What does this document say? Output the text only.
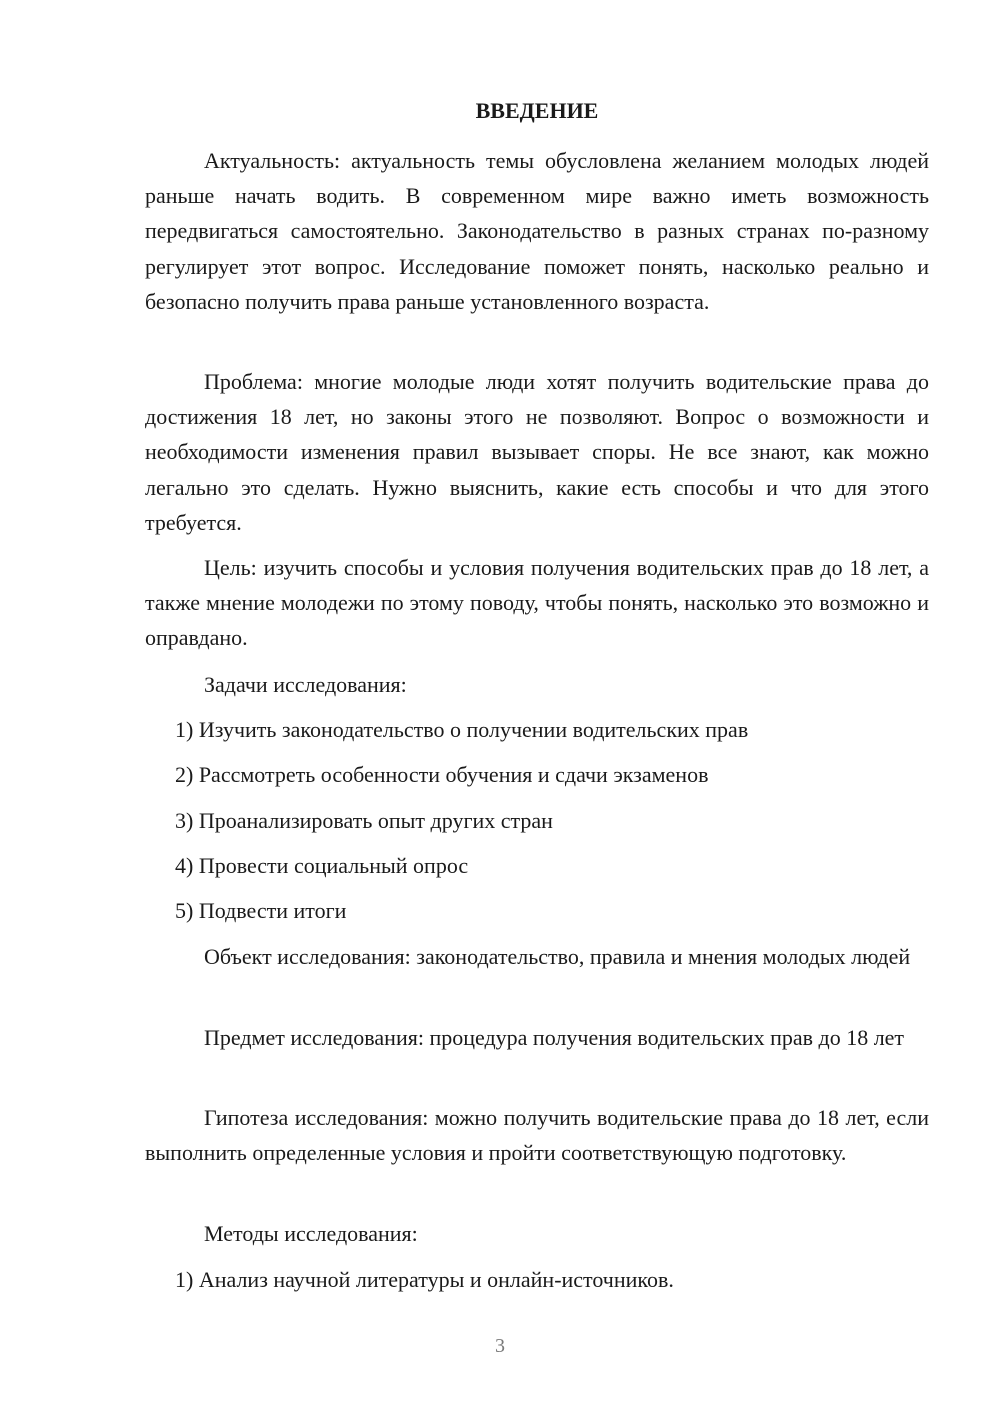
ВВЕДЕНИЕ
Актуальность: актуальность темы обусловлена желанием молодых людей раньше начать водить. В современном мире важно иметь возможность передвигаться самостоятельно. Законодательство в разных странах по-разному регулирует этот вопрос. Исследование поможет понять, насколько реально и безопасно получить права раньше установленного возраста.
Проблема: многие молодые люди хотят получить водительские права до достижения 18 лет, но законы этого не позволяют. Вопрос о возможности и необходимости изменения правил вызывает споры. Не все знают, как можно легально это сделать. Нужно выяснить, какие есть способы и что для этого требуется.
Цель: изучить способы и условия получения водительских прав до 18 лет, а также мнение молодежи по этому поводу, чтобы понять, насколько это возможно и оправдано.
Задачи исследования:
1) Изучить законодательство о получении водительских прав
2) Рассмотреть особенности обучения и сдачи экзаменов
3) Проанализировать опыт других стран
4) Провести социальный опрос
5) Подвести итоги
Объект исследования: законодательство, правила и мнения молодых людей
Предмет исследования: процедура получения водительских прав до 18 лет
Гипотеза исследования: можно получить водительские права до 18 лет, если выполнить определенные условия и пройти соответствующую подготовку.
Методы исследования:
1) Анализ научной литературы и онлайн-источников.
3
